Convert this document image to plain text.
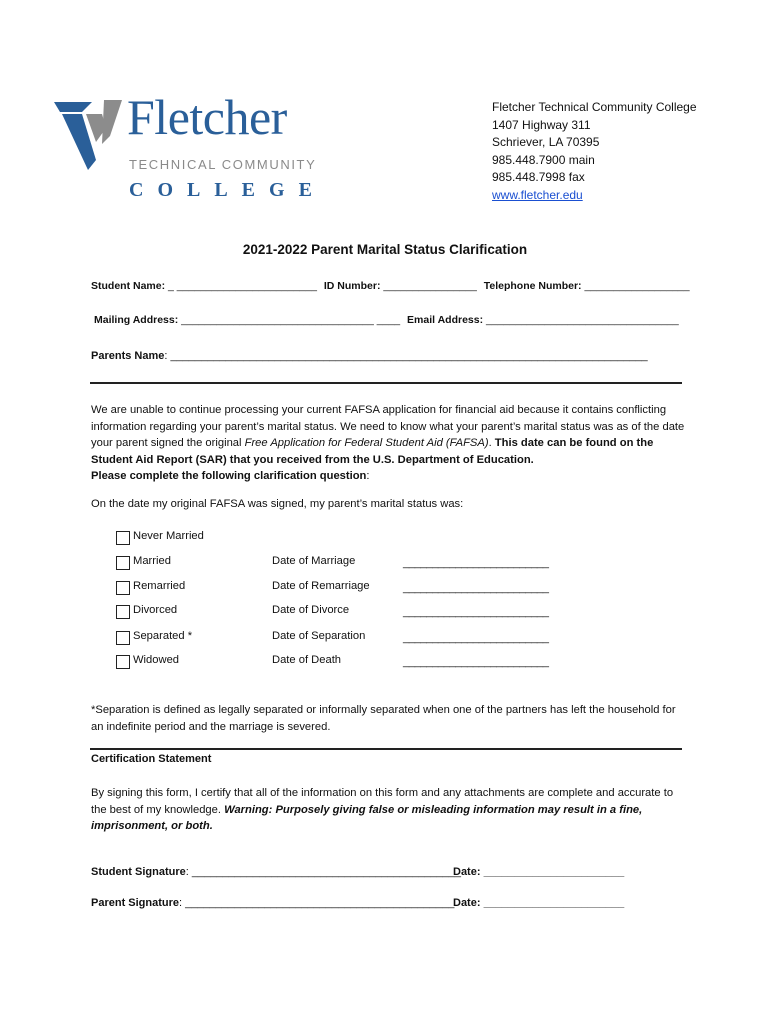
Fletcher
TECHNICAL COMMUNITY
COLLEGE
Fletcher Technical Community College
1407 Highway 311
Schriever, LA 70395
985.448.7900 main
985.448.7998 fax
www.fletcher.edu
2021-2022 Parent Marital Status Clarification
Student Name: _ ________________________ ID Number: ________________ Telephone Number: __________________
Mailing Address: _________________________________ ____ Email Address: _________________________________
Parents Name: ______________________________________________________________________________
We are unable to continue processing your current FAFSA application for financial aid because it contains conflicting information regarding your parent’s marital status. We need to know what your parent’s marital status was as of the date your parent signed the original Free Application for Federal Student Aid (FAFSA). This date can be found on the Student Aid Report (SAR) that you received from the U.S. Department of Education.
Please complete the following clarification question:
On the date my original FAFSA was signed, my parent’s marital status was:
Never Married
Married	Date of Marriage	_________________________
Remarried	Date of Remarriage	_________________________
Divorced	Date of Divorce	_________________________
Separated *	Date of Separation	_________________________
Widowed	Date of Death	_________________________
*Separation is defined as legally separated or informally separated when one of the partners has left the household for an indefinite period and the marriage is severed.
Certification Statement
By signing this form, I certify that all of the information on this form and any attachments are complete and accurate to the best of my knowledge. Warning: Purposely giving false or misleading information may result in a fine, imprisonment, or both.
Student Signature: ____________________________________________
Date: _______________________
Parent Signature: ____________________________________________
Date: _______________________
